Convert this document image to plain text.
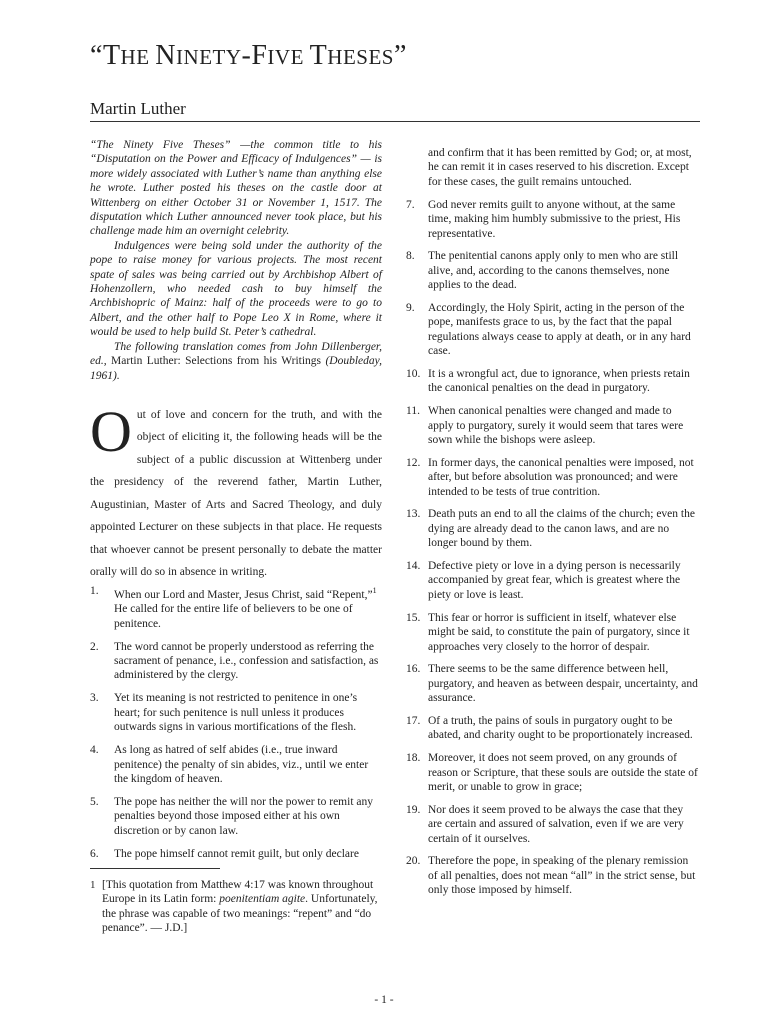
“THE NINETY-FIVE THESES”
Martin Luther

“The Ninety Five Theses” —the common title to his “Disputation on the Power and Efficacy of Indulgences” — is more widely associated with Luther’s name than anything else he wrote. Luther posted his theses on the castle door at Wittenberg on either October 31 or November 1, 1517. The disputation which Luther announced never took place, but his challenge made him an overnight celebrity.

Indulgences were being sold under the authority of the pope to raise money for various projects. The most recent spate of sales was being carried out by Archbishop Albert of Hohenzollern, who needed cash to buy himself the Archbishopric of Mainz: half of the proceeds were to go to Albert, and the other half to Pope Leo X in Rome, where it would be used to help build St. Peter’s cathedral.

The following translation comes from John Dillenberger, ed., Martin Luther: Selections from his Writings (Doubleday, 1961).

Out of love and concern for the truth, and with the object of eliciting it, the following heads will be the subject of a public discussion at Wittenberg under the presidency of the reverend father, Martin Luther, Augustinian, Master of Arts and Sacred Theology, and duly appointed Lecturer on these subjects in that place. He requests that whoever cannot be present personally to debate the matter orally will do so in absence in writing.

1.	When our Lord and Master, Jesus Christ, said “Repent,”$^1$ He called for the entire life of believers to be one of penitence.
2.	The word cannot be properly understood as referring the sacrament of penance, i.e., confession and satisfaction, as administered by the clergy.
3.	Yet its meaning is not restricted to penitence in one’s heart; for such penitence is null unless it produces outwards signs in various mortifications of the flesh.
4.	As long as hatred of self abides (i.e., true inward penitence) the penalty of sin abides, viz., until we enter the kingdom of heaven.
5.	The pope has neither the will nor the power to remit any penalties beyond those imposed either at his own discretion or by canon law.
6.	The pope himself cannot remit guilt, but only declare
1 [This quotation from Matthew 4:17 was known throughout Europe in its Latin form: poenitentiam agite. Unfortunately, the phrase was capable of two meanings: “repent” and “do penance”. — J.D.]
and confirm that it has been remitted by God; or, at most, he can remit it in cases reserved to his discretion. Except for these cases, the guilt remains untouched.
7.	God never remits guilt to anyone without, at the same time, making him humbly submissive to the priest, His representative.
8.	The penitential canons apply only to men who are still alive, and, according to the canons themselves, none applies to the dead.
9.	Accordingly, the Holy Spirit, acting in the person of the pope, manifests grace to us, by the fact that the papal regulations always cease to apply at death, or in any hard case.
10. It is a wrongful act, due to ignorance, when priests retain the canonical penalties on the dead in purgatory.
11. When canonical penalties were changed and made to apply to purgatory, surely it would seem that tares were sown while the bishops were asleep.
12. In former days, the canonical penalties were imposed, not after, but before absolution was pronounced; and were intended to be tests of true contrition.
13. Death puts an end to all the claims of the church; even the dying are already dead to the canon laws, and are no longer bound by them.
14. Defective piety or love in a dying person is necessarily accompanied by great fear, which is greatest where the piety or love is least.
15. This fear or horror is sufficient in itself, whatever else might be said, to constitute the pain of purgatory, since it approaches very closely to the horror of despair.
16. There seems to be the same difference between hell, purgatory, and heaven as between despair, uncertainty, and assurance.
17. Of a truth, the pains of souls in purgatory ought to be abated, and charity ought to be proportionately increased.
18. Moreover, it does not seem proved, on any grounds of reason or Scripture, that these souls are outside the state of merit, or unable to grow in grace;
19. Nor does it seem proved to be always the case that they are certain and assured of salvation, even if we are very certain of it ourselves.
20. Therefore the pope, in speaking of the plenary remission of all penalties, does not mean “all” in the strict sense, but only those imposed by himself.
- 1 -
